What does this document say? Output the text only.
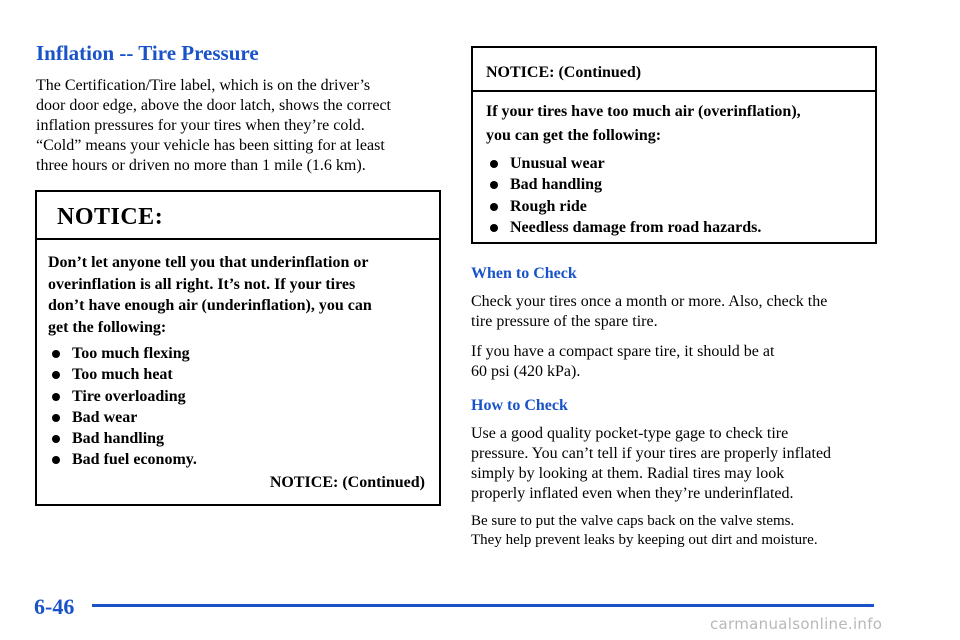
Inflation -- Tire Pressure

The Certification/Tire label, which is on the driver’s

door door edge, above the door latch, shows the correct

inflation pressures for your tires when they’re cold.

“Cold” means your vehicle has been sitting for at least

three hours or driven no more than 1 mile (1.6 km).

NOTICE:
Don’t let anyone tell you that underinflation or
overinflation is all right. It’s not. If your tires
don’t have enough air (underinflation), you can
get the following:
Too much flexing
Too much heat
Tire overloading
Bad wear
Bad handling
Bad fuel economy.
NOTICE: (Continued)
NOTICE: (Continued)
If your tires have too much air (overinflation),
you can get the following:
Unusual wear
Bad handling
Rough ride
Needless damage from road hazards.
When to Check

Check your tires once a month or more. Also, check the

tire pressure of the spare tire.

If you have a compact spare tire, it should be at

60 psi (420 kPa).

How to Check

Use a good quality pocket-type gage to check tire

pressure. You can’t tell if your tires are properly inflated

simply by looking at them. Radial tires may look

properly inflated even when they’re underinflated.

Be sure to put the valve caps back on the valve stems.
They help prevent leaks by keeping out dirt and moisture.
6-46
carmanualsonline.info
